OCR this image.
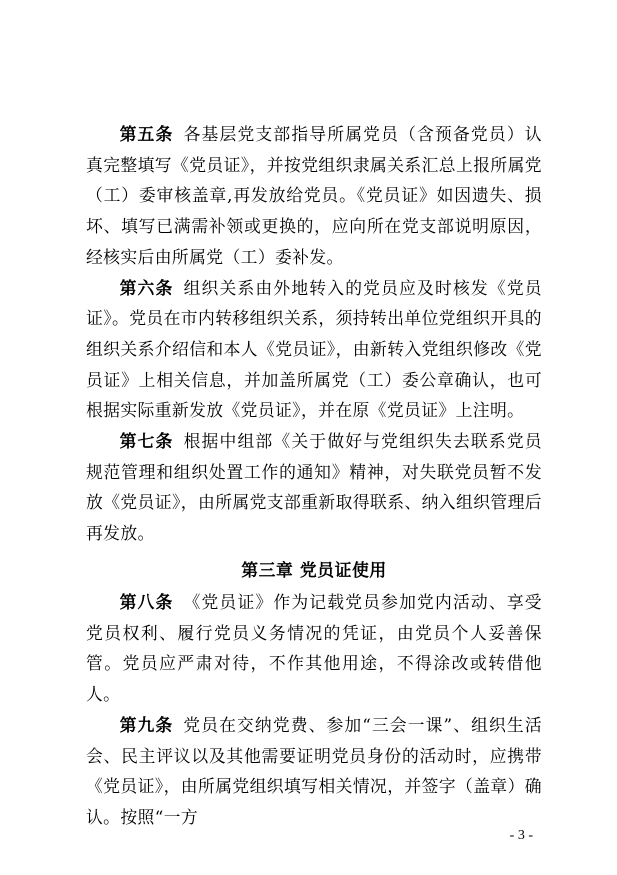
第五条 各基层党支部指导所属党员（含预备党员）认真完整填写《党员证》，并按党组织隶属关系汇总上报所属党（工）委审核盖章,再发放给党员。《党员证》如因遗失、损坏、填写已满需补领或更换的，应向所在党支部说明原因，经核实后由所属党（工）委补发。

第六条 组织关系由外地转入的党员应及时核发《党员证》。党员在市内转移组织关系，须持转出单位党组织开具的组织关系介绍信和本人《党员证》，由新转入党组织修改《党员证》上相关信息，并加盖所属党（工）委公章确认，也可根据实际重新发放《党员证》，并在原《党员证》上注明。

第七条 根据中组部《关于做好与党组织失去联系党员规范管理和组织处置工作的通知》精神，对失联党员暂不发放《党员证》，由所属党支部重新取得联系、纳入组织管理后再发放。

第三章 党员证使用

第八条 《党员证》作为记载党员参加党内活动、享受党员权利、履行党员义务情况的凭证，由党员个人妥善保管。党员应严肃对待，不作其他用途，不得涂改或转借他人。

第九条 党员在交纳党费、参加“三会一课”、组织生活会、民主评议以及其他需要证明党员身份的活动时，应携带《党员证》，由所属党组织填写相关情况，并签字（盖章）确认。按照“一方

- 3 -
